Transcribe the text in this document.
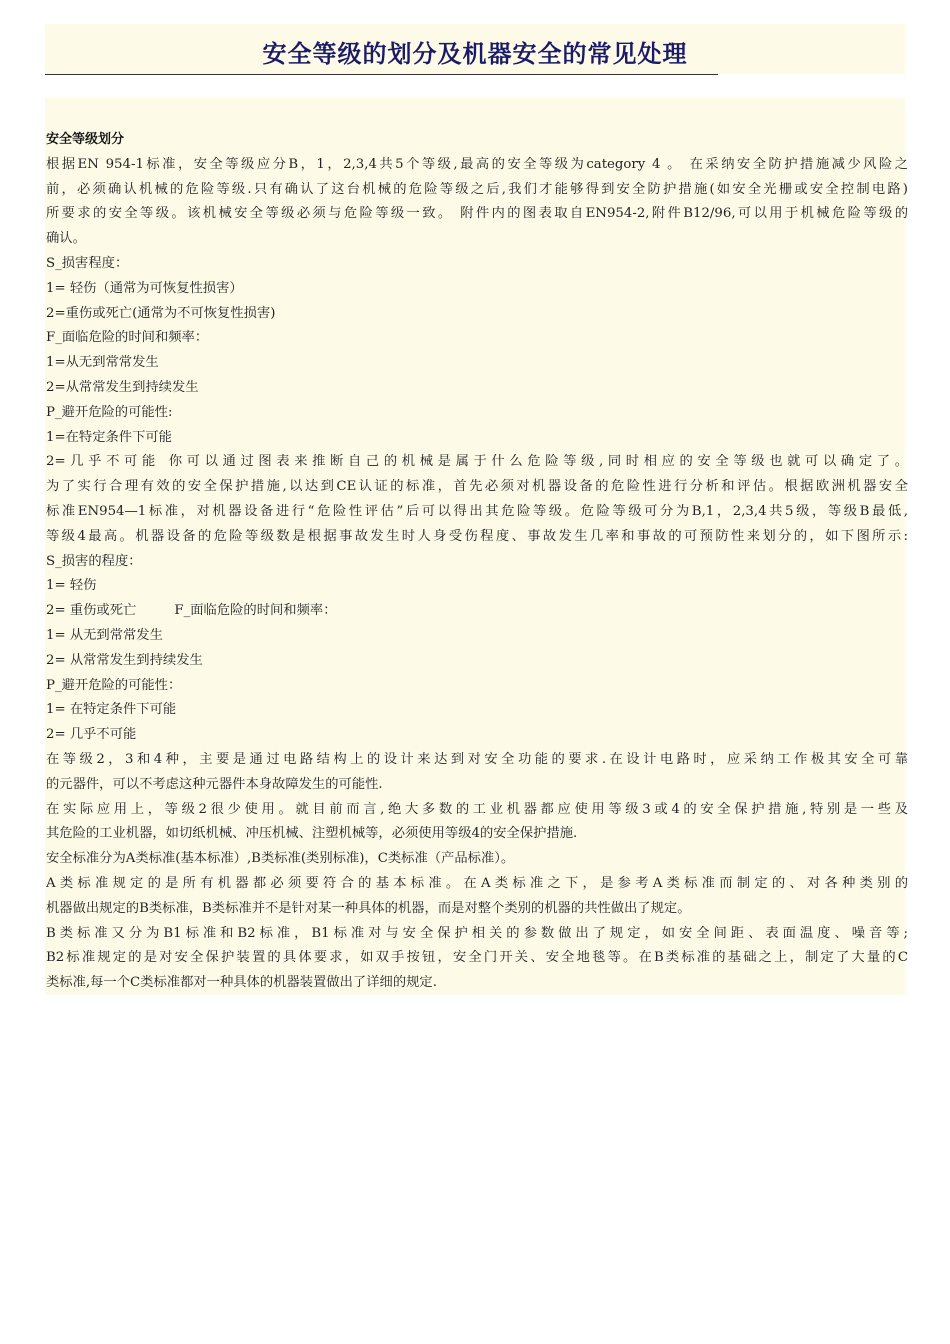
安全等级的划分及机器安全的常见处理
安全等级划分
根据EN 954-1标准，安全等级应分B，1，2,3,4共5个等级,最高的安全等级为category 4 。 在采纳安全防护措施减少风险之
前，必须确认机械的危险等级.只有确认了这台机械的危险等级之后,我们才能够得到安全防护措施(如安全光栅或安全控制电路)
所要求的安全等级。该机械安全等级必须与危险等级一致。 附件内的图表取自EN954-2,附件B12/96,可以用于机械危险等级的
确认。
S_损害程度：
1= 轻伤（通常为可恢复性损害）
2=重伤或死亡(通常为不可恢复性损害)
F_面临危险的时间和频率：
1=从无到常常发生
2=从常常发生到持续发生
P_避开危险的可能性:
1=在特定条件下可能
2=几乎不可能 你可以通过图表来推断自己的机械是属于什么危险等级,同时相应的安全等级也就可以确定了。
为了实行合理有效的安全保护措施,以达到CE认证的标准，首先必须对机器设备的危险性进行分析和评估。根据欧洲机器安全
标准EN954—1标准，对机器设备进行“危险性评估”后可以得出其危险等级。危险等级可分为B,1，2,3,4共5级，等级B最低,
等级4最高。机器设备的危险等级数是根据事故发生时人身受伤程度、事故发生几率和事故的可预防性来划分的，如下图所示:
S_损害的程度：
1= 轻伤
2= 重伤或死亡         F_面临危险的时间和频率：
1= 从无到常常发生
2= 从常常发生到持续发生
P_避开危险的可能性：
1= 在特定条件下可能
2= 几乎不可能
在等级2，3和4种，主要是通过电路结构上的设计来达到对安全功能的要求.在设计电路时，应采纳工作极其安全可靠
的元器件，可以不考虑这种元器件本身故障发生的可能性.
在实际应用上，等级2很少使用。就目前而言,绝大多数的工业机器都应使用等级3或4的安全保护措施,特别是一些及
其危险的工业机器，如切纸机械、冲压机械、注塑机械等，必须使用等级4的安全保护措施.
安全标准分为A类标准(基本标准）,B类标准(类别标准)，C类标准（产品标准）。
A类标准规定的是所有机器都必须要符合的基本标准。在A类标准之下，是参考A类标准而制定的、对各种类别的
机器做出规定的B类标准，B类标准并不是针对某一种具体的机器，而是对整个类别的机器的共性做出了规定。
B类标准又分为B1标准和B2标准，B1标准对与安全保护相关的参数做出了规定，如安全间距、表面温度、噪音等;
B2标准规定的是对安全保护装置的具体要求，如双手按钮，安全门开关、安全地毯等。在B类标准的基础之上，制定了大量的C
类标准,每一个C类标准都对一种具体的机器装置做出了详细的规定.
